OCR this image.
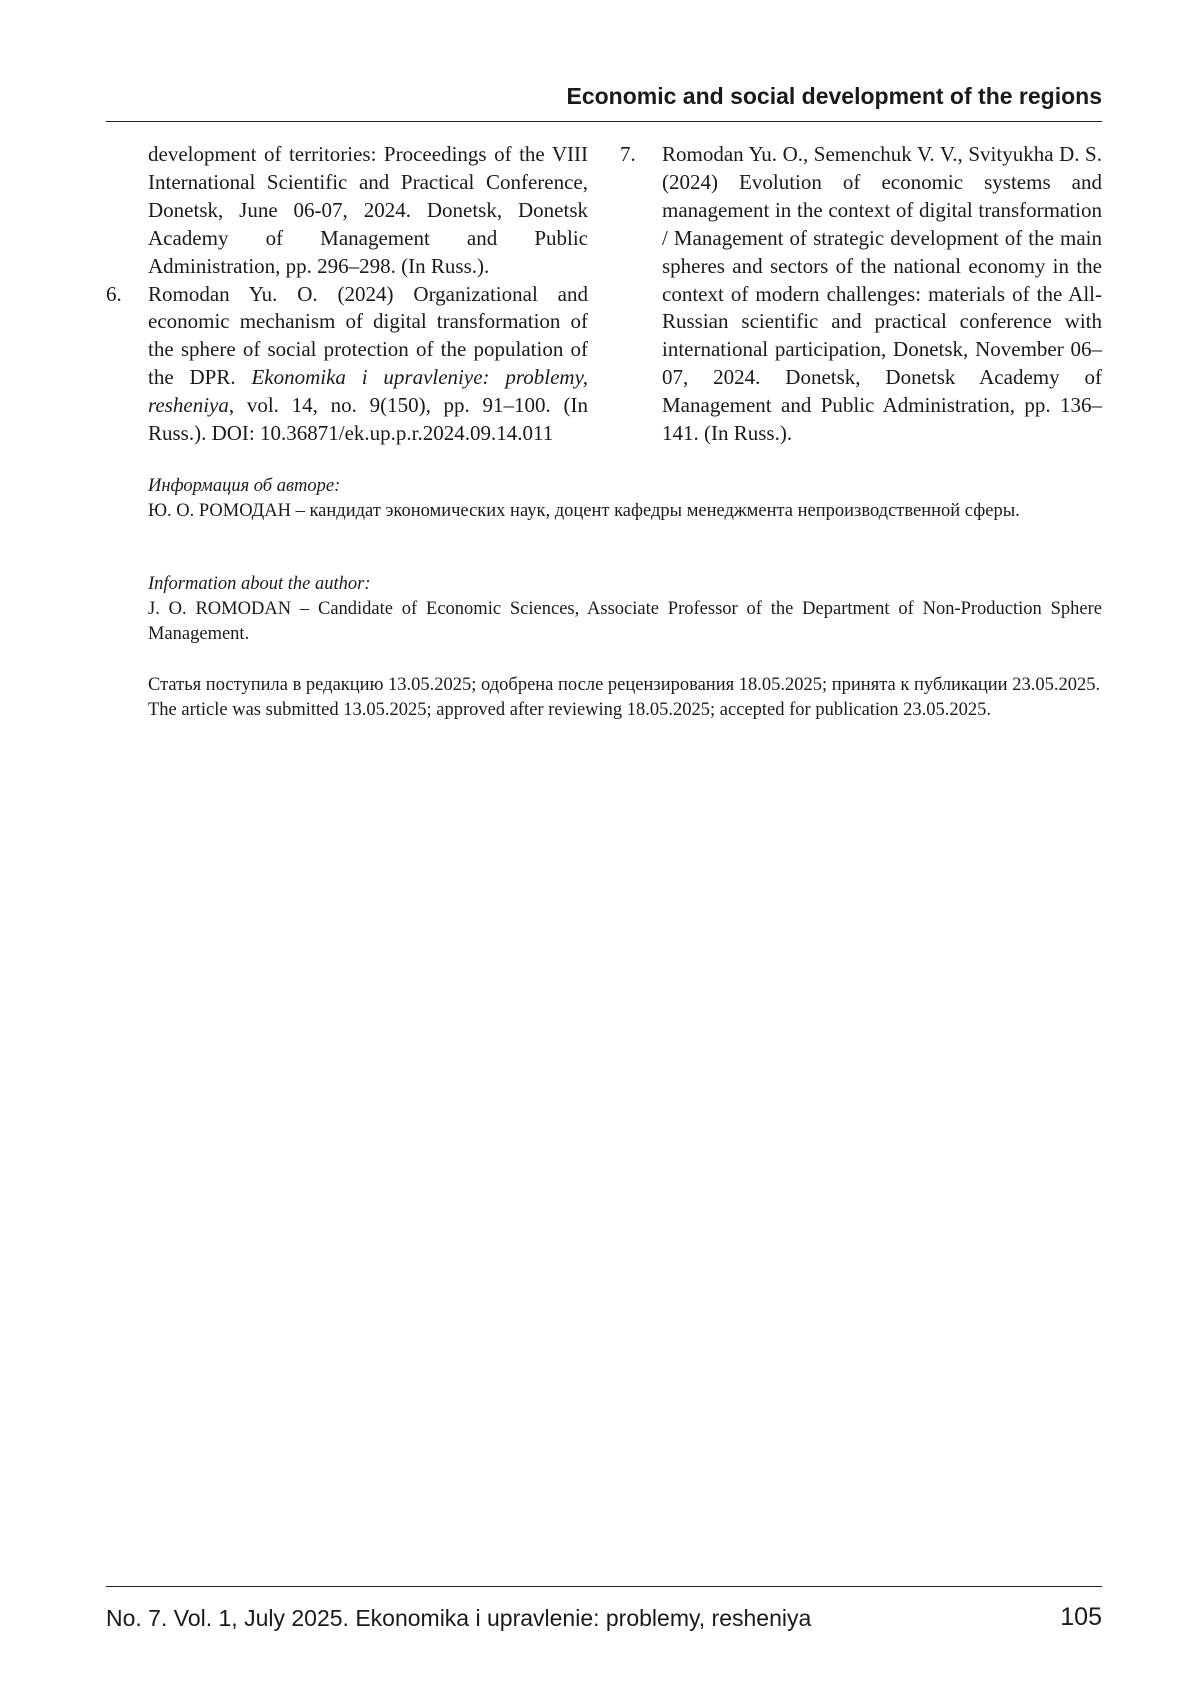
Economic and social development of the regions
development of territories: Proceedings of the VIII International Scientific and Practical Conference, Donetsk, June 06-07, 2024. Donetsk, Donetsk Academy of Management and Public Administration, pp. 296–298. (In Russ.).
6. Romodan Yu. O. (2024) Organizational and economic mechanism of digital transformation of the sphere of social protection of the population of the DPR. Ekonomika i upravleniye: problemy, resheniya, vol. 14, no. 9(150), pp. 91–100. (In Russ.). DOI: 10.36871/ek.up.p.r.2024.09.14.011
7. Romodan Yu. O., Semenchuk V. V., Svityukha D. S. (2024) Evolution of economic systems and management in the context of digital transformation / Management of strategic development of the main spheres and sectors of the national economy in the context of modern challenges: materials of the All-Russian scientific and practical conference with international participation, Donetsk, November 06–07, 2024. Donetsk, Donetsk Academy of Management and Public Administration, pp. 136–141. (In Russ.).
Информация об авторе:
Ю. О. РОМОДАН – кандидат экономических наук, доцент кафедры менеджмента непроизводственной сферы.
Information about the author:
J. O. ROMODAN – Candidate of Economic Sciences, Associate Professor of the Department of Non-Production Sphere Management.
Статья поступила в редакцию 13.05.2025; одобрена после рецензирования 18.05.2025; принята к публикации 23.05.2025.
The article was submitted 13.05.2025; approved after reviewing 18.05.2025; accepted for publication 23.05.2025.
No. 7. Vol. 1, July 2025. Ekonomika i upravlenie: problemy, resheniya	105
